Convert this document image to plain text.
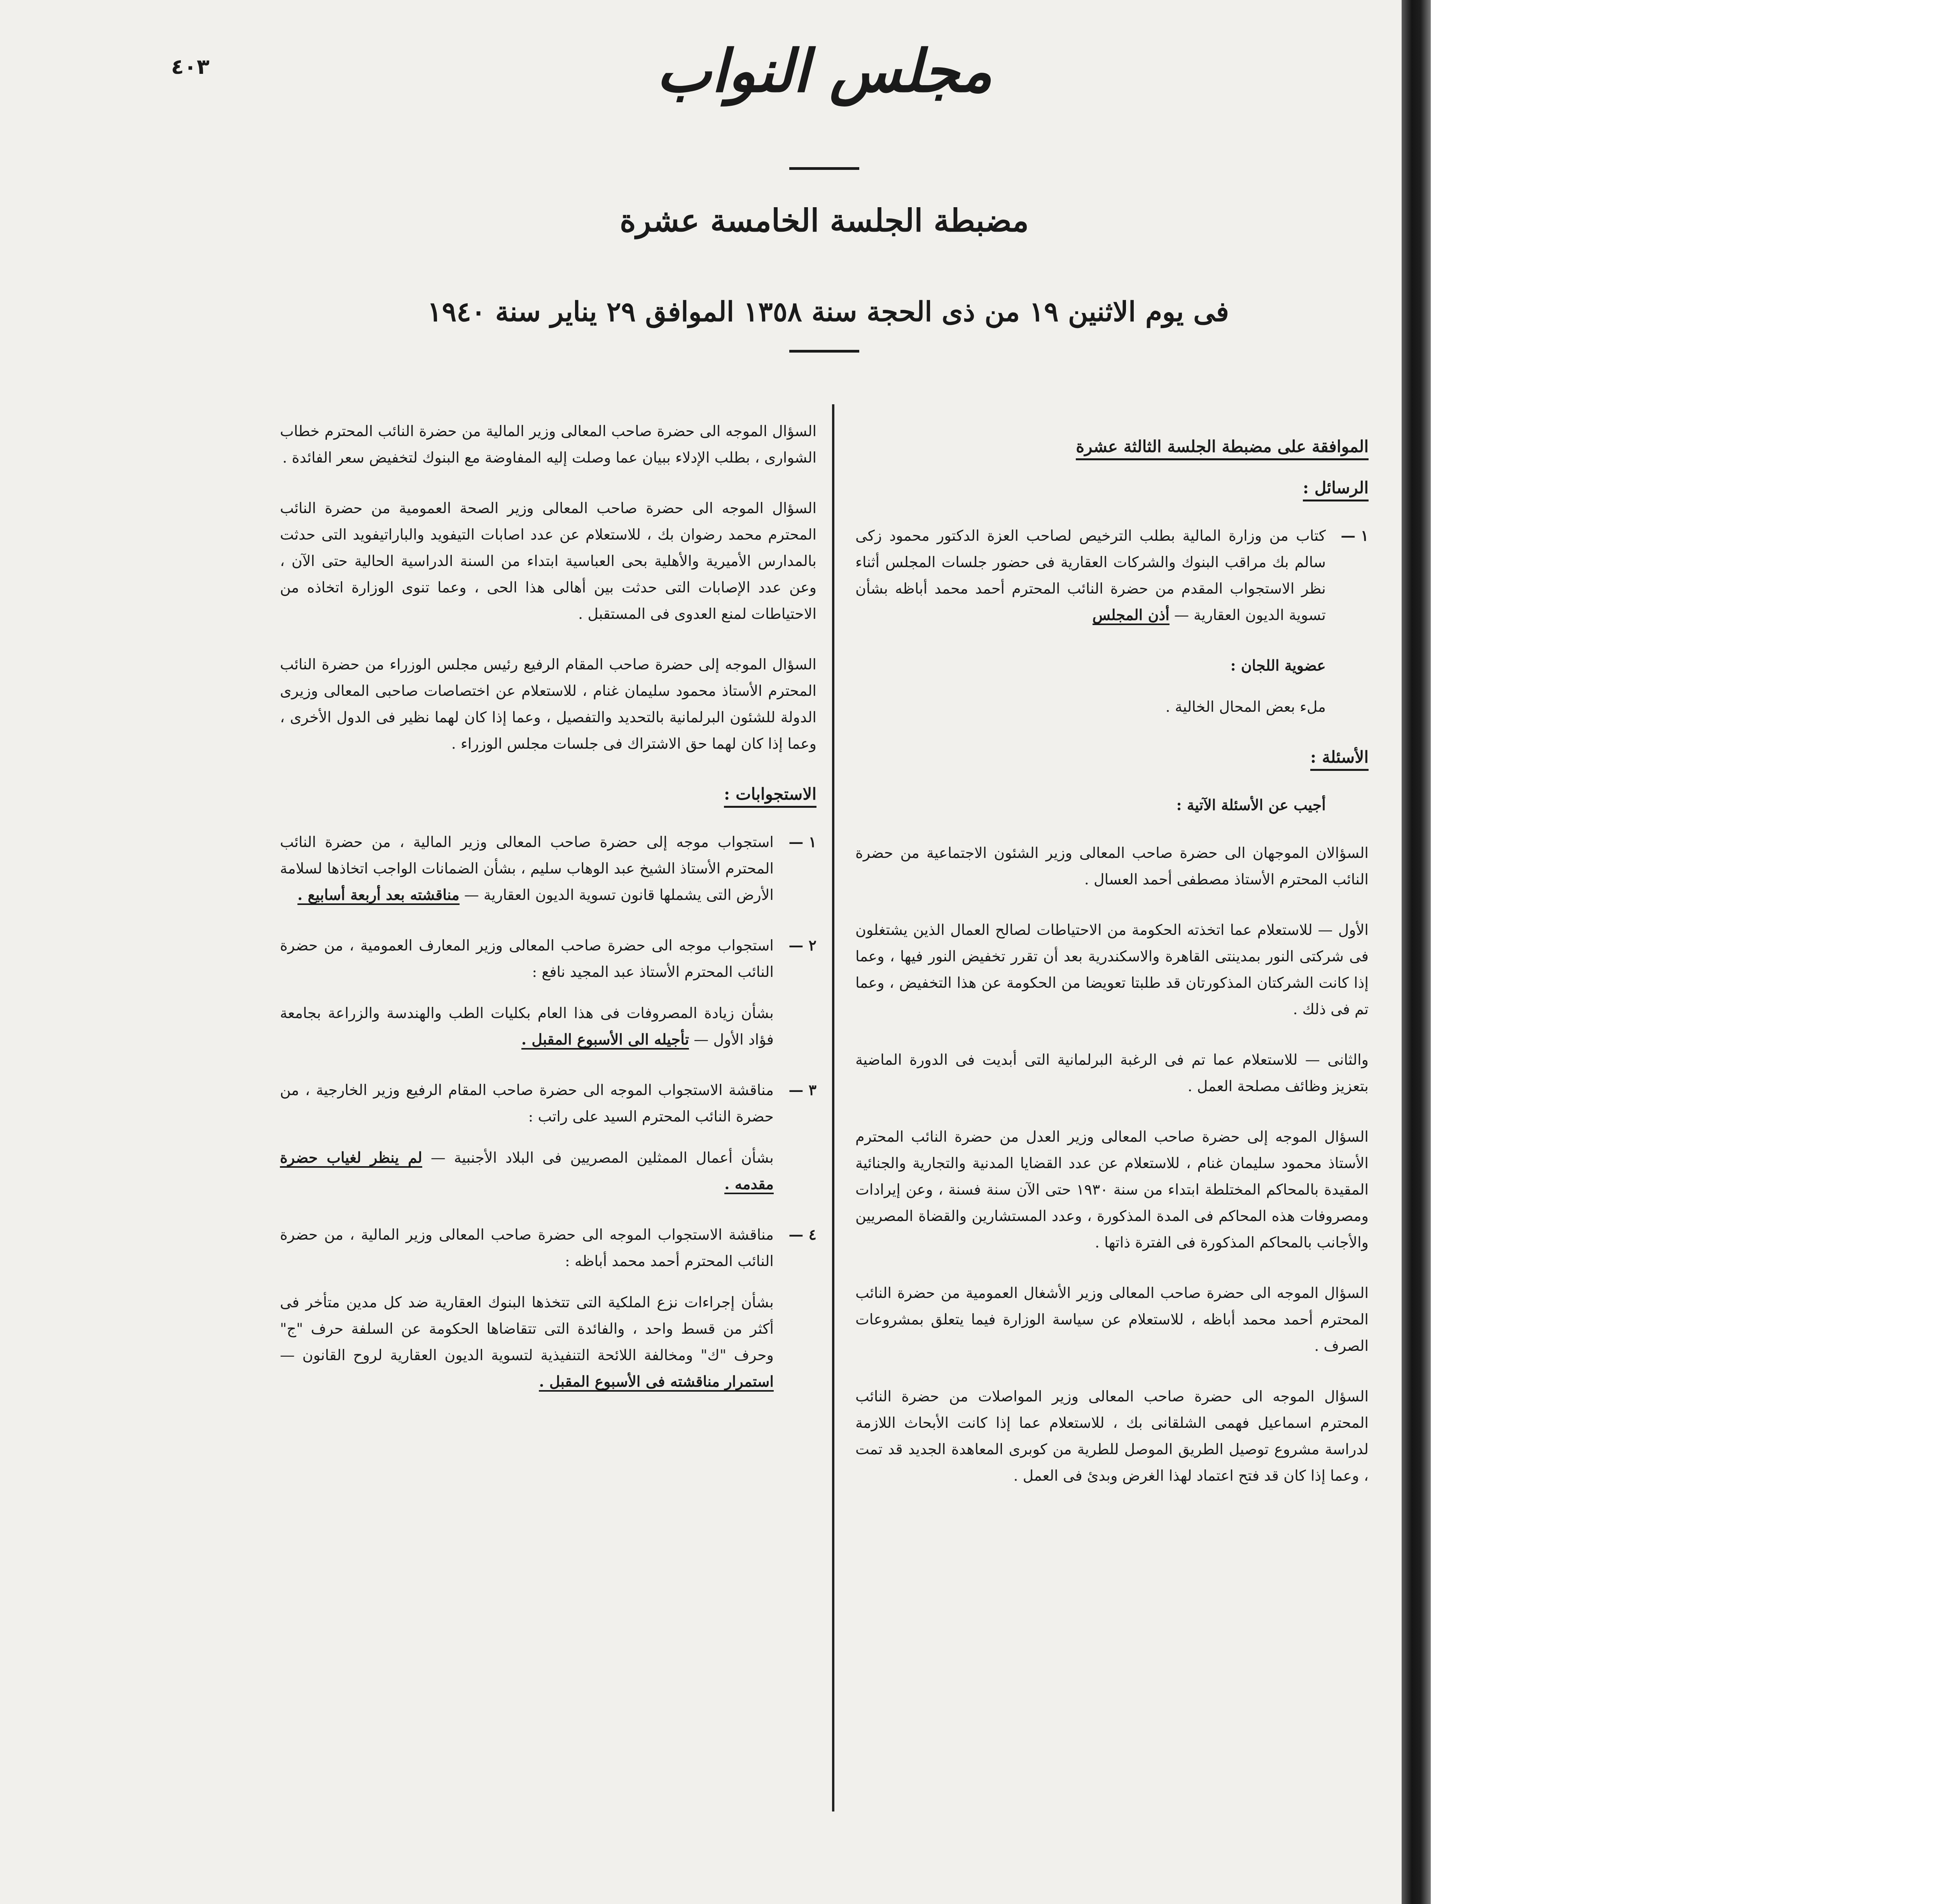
٤٠٣	مجلس النواب
مضبطة الجلسة الخامسة عشرة
فى يوم الاثنين ١٩ من ذى الحجة سنة ١٣٥٨ الموافق ٢٩ يناير سنة ١٩٤٠

الموافقة على مضبطة الجلسة الثالثة عشرة

الرسائل :

١ —
كتاب من وزارة المالية بطلب الترخيص لصاحب العزة الدكتور محمود زكى سالم بك مراقب البنوك والشركات العقارية فى حضور جلسات المجلس أثناء نظر الاستجواب المقدم من حضرة النائب المحترم أحمد محمد أباظه بشأن تسوية الديون العقارية — أذن المجلس

عضوية اللجان :

ملء بعض المحال الخالية .

الأسئلة :

أجيب عن الأسئلة الآتية :

السؤالان الموجهان الى حضرة صاحب المعالى وزير الشئون الاجتماعية من حضرة النائب المحترم الأستاذ مصطفى أحمد العسال .

الأول — للاستعلام عما اتخذته الحكومة من الاحتياطات لصالح العمال الذين يشتغلون فى شركتى النور بمدينتى القاهرة والاسكندرية بعد أن تقرر تخفيض النور فيها ، وعما إذا كانت الشركتان المذكورتان قد طلبتا تعويضا من الحكومة عن هذا التخفيض ، وعما تم فى ذلك .

والثانى — للاستعلام عما تم فى الرغبة البرلمانية التى أبديت فى الدورة الماضية بتعزيز وظائف مصلحة العمل .

السؤال الموجه إلى حضرة صاحب المعالى وزير العدل من حضرة النائب المحترم الأستاذ محمود سليمان غنام ، للاستعلام عن عدد القضايا المدنية والتجارية والجنائية المقيدة بالمحاكم المختلطة ابتداء من سنة ١٩٣٠ حتى الآن سنة فسنة ، وعن إيرادات ومصروفات هذه المحاكم فى المدة المذكورة ، وعدد المستشارين والقضاة المصريين والأجانب بالمحاكم المذكورة فى الفترة ذاتها .

السؤال الموجه الى حضرة صاحب المعالى وزير الأشغال العمومية من حضرة النائب المحترم أحمد محمد أباظه ، للاستعلام عن سياسة الوزارة فيما يتعلق بمشروعات الصرف .

السؤال الموجه الى حضرة صاحب المعالى وزير المواصلات من حضرة النائب المحترم اسماعيل فهمى الشلقانى بك ، للاستعلام عما إذا كانت الأبحاث اللازمة لدراسة مشروع توصيل الطريق الموصل للطرية من كوبرى المعاهدة الجديد قد تمت ، وعما إذا كان قد فتح اعتماد لهذا الغرض وبدئ فى العمل .

السؤال الموجه الى حضرة صاحب المعالى وزير المالية من حضرة النائب المحترم خطاب الشوارى ، بطلب الإدلاء ببيان عما وصلت إليه المفاوضة مع البنوك لتخفيض سعر الفائدة .

السؤال الموجه الى حضرة صاحب المعالى وزير الصحة العمومية من حضرة النائب المحترم محمد رضوان بك ، للاستعلام عن عدد اصابات التيفويد والباراتيفويد التى حدثت بالمدارس الأميرية والأهلية بحى العباسية ابتداء من السنة الدراسية الحالية حتى الآن ، وعن عدد الإصابات التى حدثت بين أهالى هذا الحى ، وعما تنوى الوزارة اتخاذه من الاحتياطات لمنع العدوى فى المستقبل .

السؤال الموجه إلى حضرة صاحب المقام الرفيع رئيس مجلس الوزراء من حضرة النائب المحترم الأستاذ محمود سليمان غنام ، للاستعلام عن اختصاصات صاحبى المعالى وزيرى الدولة للشئون البرلمانية بالتحديد والتفصيل ، وعما إذا كان لهما نظير فى الدول الأخرى ، وعما إذا كان لهما حق الاشتراك فى جلسات مجلس الوزراء .

الاستجوابات :

١ —
استجواب موجه إلى حضرة صاحب المعالى وزير المالية ، من حضرة النائب المحترم الأستاذ الشيخ عبد الوهاب سليم ، بشأن الضمانات الواجب اتخاذها لسلامة الأرض التى يشملها قانون تسوية الديون العقارية — مناقشته بعد أربعة أسابيع .

٢ —
استجواب موجه الى حضرة صاحب المعالى وزير المعارف العمومية ، من حضرة النائب المحترم الأستاذ عبد المجيد نافع :

بشأن زيادة المصروفات فى هذا العام بكليات الطب والهندسة والزراعة بجامعة فؤاد الأول — تأجيله الى الأسبوع المقبل .

٣ —
مناقشة الاستجواب الموجه الى حضرة صاحب المقام الرفيع وزير الخارجية ، من حضرة النائب المحترم السيد على راتب :

بشأن أعمال الممثلين المصريين فى البلاد الأجنبية — لم ينظر لغياب حضرة مقدمه .

٤ —
مناقشة الاستجواب الموجه الى حضرة صاحب المعالى وزير المالية ، من حضرة النائب المحترم أحمد محمد أباظه :

بشأن إجراءات نزع الملكية التى تتخذها البنوك العقارية ضد كل مدين متأخر فى أكثر من قسط واحد ، والفائدة التى تتقاضاها الحكومة عن السلفة حرف "ج" وحرف "ك" ومخالفة اللائحة التنفيذية لتسوية الديون العقارية لروح القانون — استمرار مناقشته فى الأسبوع المقبل .
